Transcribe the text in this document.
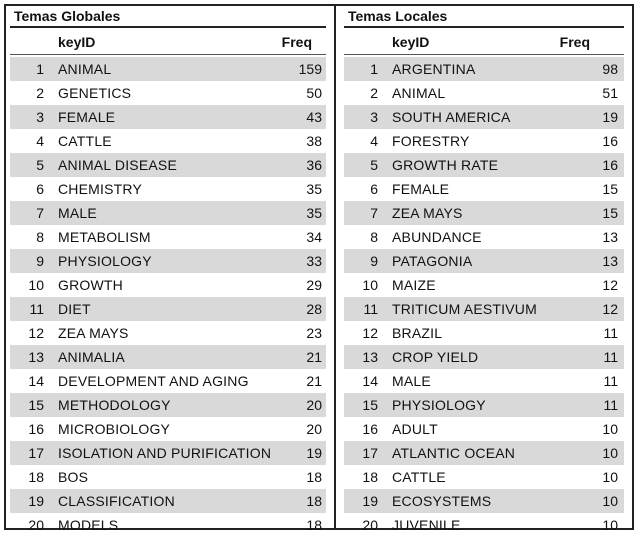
Temas Globales
keyID	Freq
1 ANIMAL	159
2 GENETICS	50
3 FEMALE	43
4 CATTLE	38
5 ANIMAL DISEASE	36
6 CHEMISTRY	35
7 MALE	35
8 METABOLISM	34
9 PHYSIOLOGY	33
10 GROWTH	29
11 DIET	28
12 ZEA MAYS	23
13 ANIMALIA	21
14 DEVELOPMENT AND AGING	21
15 METHODOLOGY	20
16 MICROBIOLOGY	20
17 ISOLATION AND PURIFICATION	19
18 BOS	18
19 CLASSIFICATION	18
20 MODELS	18
Temas Locales
keyID	Freq
1 ARGENTINA	98
2 ANIMAL	51
3 SOUTH AMERICA	19
4 FORESTRY	16
5 GROWTH RATE	16
6 FEMALE	15
7 ZEA MAYS	15
8 ABUNDANCE	13
9 PATAGONIA	13
10 MAIZE	12
11 TRITICUM AESTIVUM	12
12 BRAZIL	11
13 CROP YIELD	11
14 MALE	11
15 PHYSIOLOGY	11
16 ADULT	10
17 ATLANTIC OCEAN	10
18 CATTLE	10
19 ECOSYSTEMS	10
20 JUVENILE	10
